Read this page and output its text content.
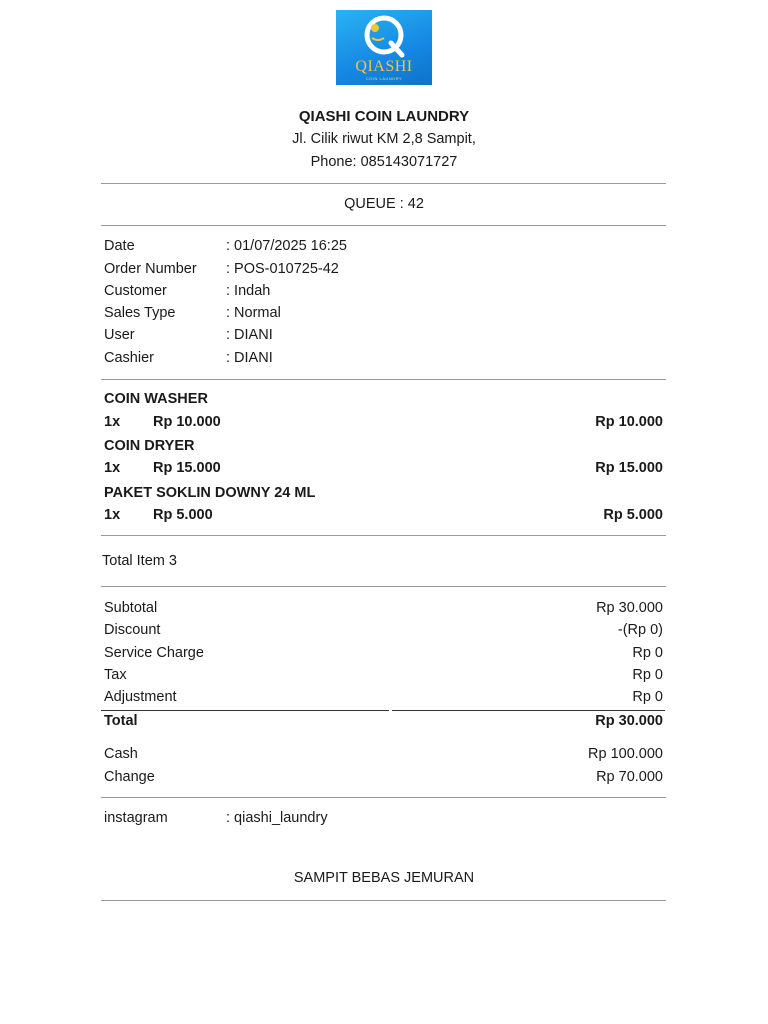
QIASHI
COIN LAUNDRY
QIASHI COIN LAUNDRY
Jl. Cilik riwut KM 2,8 Sampit,
Phone: 085143071727
QUEUE : 42
Date	: 01/07/2025 16:25
Order Number : POS-010725-42
Customer	: Indah
Sales Type	: Normal
User	: DIANI
Cashier	: DIANI
COIN WASHER
1x Rp 10.000	Rp 10.000
COIN DRYER
1x Rp 15.000	Rp 15.000
PAKET SOKLIN DOWNY 24 ML
1x Rp 5.000	Rp 5.000
Total Item 3
Subtotal	Rp 30.000
Discount	-(Rp 0)
Service Charge	Rp 0
Tax	Rp 0
Adjustment	Rp 0
Total	Rp 30.000
Cash	Rp 100.000
Change	Rp 70.000
instagram	: qiashi_laundry
SAMPIT BEBAS JEMURAN
